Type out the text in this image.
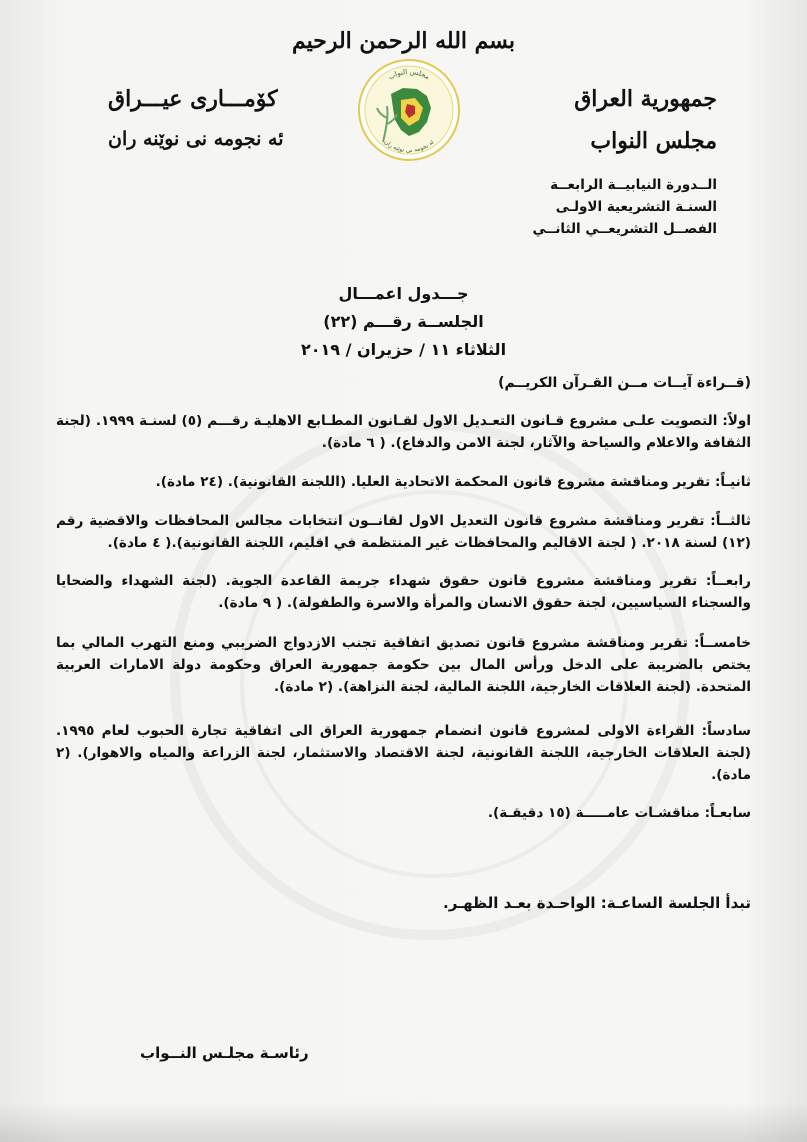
بسم الله الرحمن الرحيم
جمهورية العراق
مجلس النواب
كۆمـــارى عيـــراق
ئه نجومه نى نوێنه ران
مجلس النواب
ئه نجومه نى نوێنه ران
الــدورة النيابيــة الرابعــة
السنـة التشريعية الاولـى
الفصــل التشريعــي الثانــي
جـــدول اعمـــال
الجلســة رقـــم (٢٢)
الثلاثاء ١١ / حزيران / ٢٠١٩
(قــراءة آيــات مــن القـرآن الكريــم)
اولاً: التصويت علـى مشروع قـانون التعـديل الاول لقـانون المطـابع الاهليـة رقـــم (٥) لسنـة ١٩٩٩. (لجنة الثقافة والاعلام والسياحة والآثار، لجنة الامن والدفاع). ( ٦ مادة).
ثانيـاً: تقرير ومناقشة مشروع قانون المحكمة الاتحادية العليا. (اللجنة القانونية). (٢٤ مادة).
ثالثــاً: تقرير ومناقشة مشروع قانون التعديل الاول لقانــون انتخابات مجالس المحافظات والاقضية رقم (١٢) لسنة ٢٠١٨. ( لجنة الاقاليم والمحافظات غير المنتظمة في اقليم، اللجنة القانونية).( ٤ مادة).
رابعــاً: تقرير ومناقشة مشروع قانون حقوق شهداء جريمة القاعدة الجوية. (لجنة الشهداء والضحايا والسجناء السياسيين، لجنة حقوق الانسان والمرأة والاسرة والطفولة). ( ٩ مادة).
خامســاً: تقرير ومناقشة مشروع قانون تصديق اتفاقية تجنب الازدواج الضريبي ومنع التهرب المالي بما يختص بالضريبة على الدخل ورأس المال بين حكومة جمهورية العراق وحكومة دولة الامارات العربية المتحدة. (لجنة العلاقات الخارجية، اللجنة المالية، لجنة النزاهة). (٢ مادة).
سادساً: القراءة الاولى لمشروع قانون انضمام جمهورية العراق الى اتفاقية تجارة الحبوب لعام ١٩٩٥. (لجنة العلاقات الخارجية، اللجنة القانونية، لجنة الاقتصاد والاستثمار، لجنة الزراعة والمياه والاهوار). (٢ مادة).
سابعـاً: مناقشـات عامـــــة (١٥ دقيقـة).
تبدأ الجلسة الساعـة: الواحـدة بعـد الظهـر.
رئاسـة مجلـس النــواب
